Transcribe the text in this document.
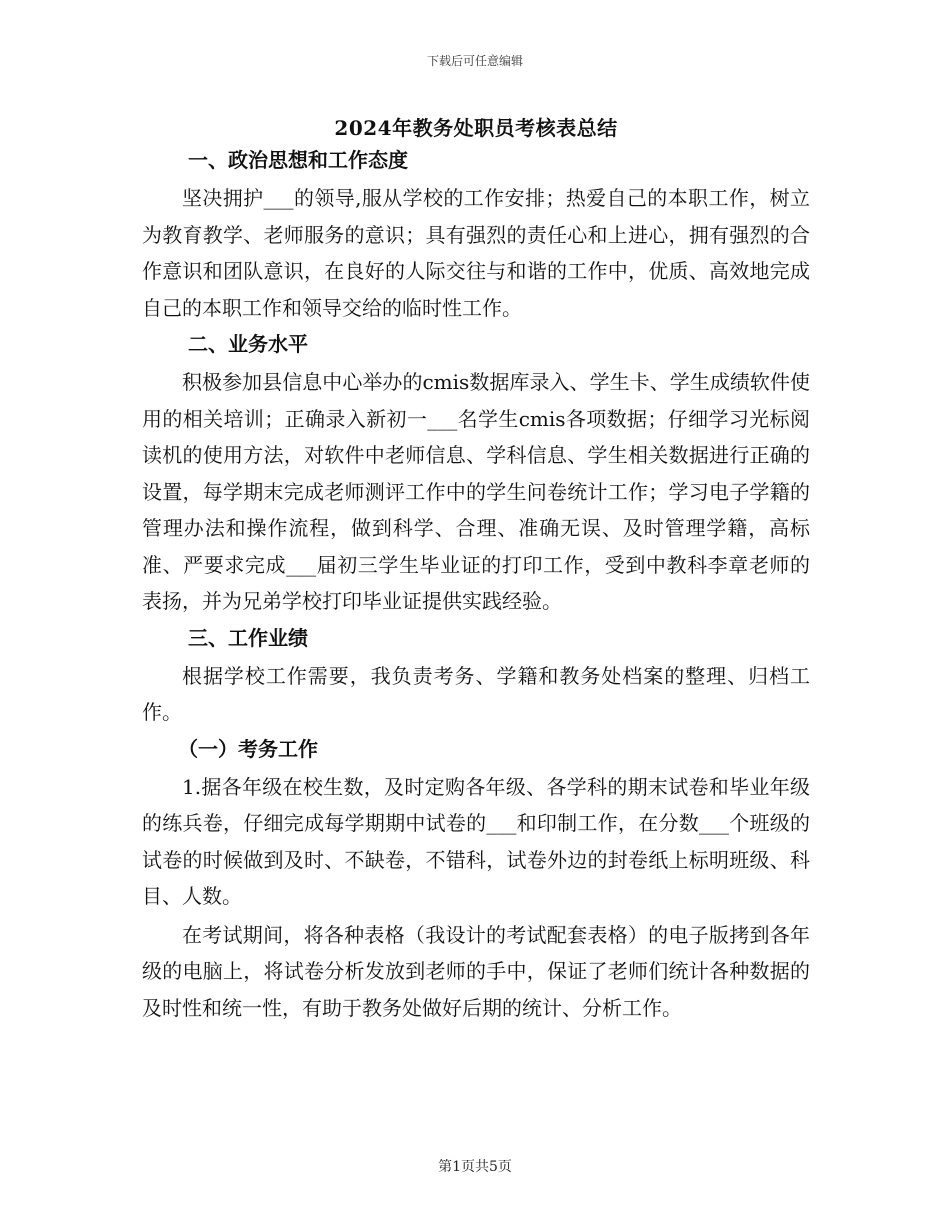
下载后可任意编辑
2024年教务处职员考核表总结
一、政治思想和工作态度

坚决拥护___的领导,服从学校的工作安排；热爱自己的本职工作，树立为教育教学、老师服务的意识；具有强烈的责任心和上进心，拥有强烈的合作意识和团队意识，在良好的人际交往与和谐的工作中，优质、高效地完成自己的本职工作和领导交给的临时性工作。

二、业务水平

积极参加县信息中心举办的cmis数据库录入、学生卡、学生成绩软件使用的相关培训；正确录入新初一___名学生cmis各项数据；仔细学习光标阅读机的使用方法，对软件中老师信息、学科信息、学生相关数据进行正确的设置，每学期末完成老师测评工作中的学生问卷统计工作；学习电子学籍的管理办法和操作流程，做到科学、合理、准确无误、及时管理学籍，高标准、严要求完成___届初三学生毕业证的打印工作，受到中教科李章老师的表扬，并为兄弟学校打印毕业证提供实践经验。

三、工作业绩

根据学校工作需要，我负责考务、学籍和教务处档案的整理、归档工作。

（一）考务工作

1.据各年级在校生数，及时定购各年级、各学科的期末试卷和毕业年级的练兵卷，仔细完成每学期期中试卷的___和印制工作，在分数___个班级的试卷的时候做到及时、不缺卷，不错科，试卷外边的封卷纸上标明班级、科目、人数。

在考试期间，将各种表格（我设计的考试配套表格）的电子版拷到各年级的电脑上，将试卷分析发放到老师的手中，保证了老师们统计各种数据的及时性和统一性，有助于教务处做好后期的统计、分析工作。

第1页共5页
